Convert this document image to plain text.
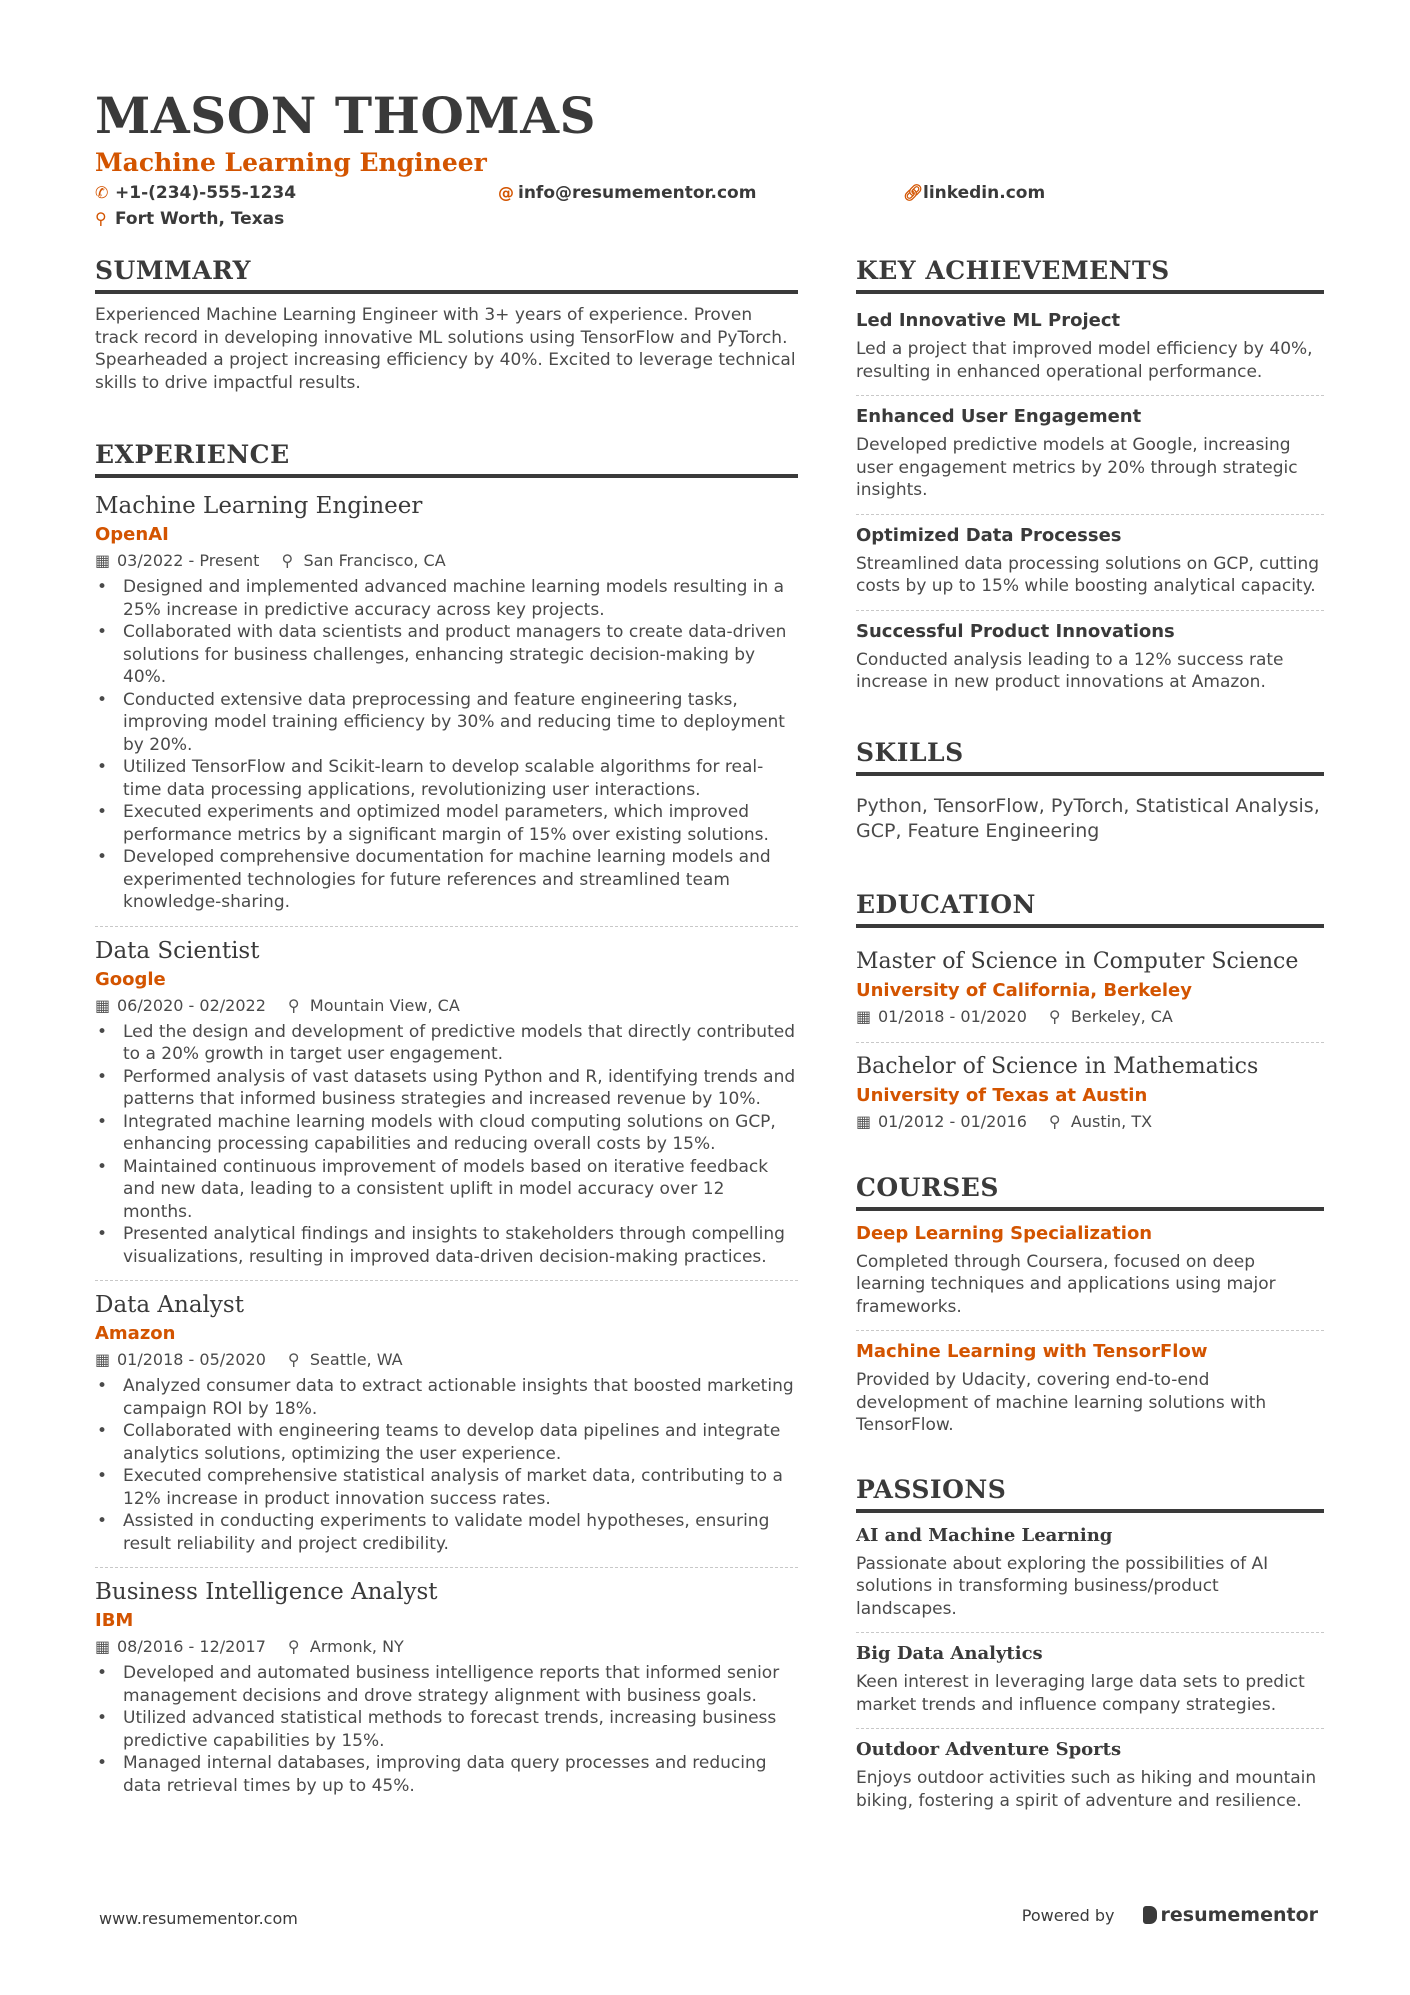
MASON THOMAS
Machine Learning Engineer
✆ +1-(234)-555-1234	@ info@resumementor.com	🔗︎linkedin.com
⚲ Fort Worth, Texas
SUMMARY
Experienced Machine Learning Engineer with 3+ years of experience. Proven track record in developing innovative ML solutions using TensorFlow and PyTorch. Spearheaded a project increasing efficiency by 40%. Excited to leverage technical skills to drive impactful results.
EXPERIENCE
Machine Learning Engineer
OpenAI
▦ 03/2022 - Present ⚲ San Francisco, CA
• Designed and implemented advanced machine learning models resulting in a 25% increase in predictive accuracy across key projects.
• Collaborated with data scientists and product managers to create data-driven solutions for business challenges, enhancing strategic decision-making by 40%.
• Conducted extensive data preprocessing and feature engineering tasks, improving model training efficiency by 30% and reducing time to deployment by 20%.
• Utilized TensorFlow and Scikit-learn to develop scalable algorithms for real-time data processing applications, revolutionizing user interactions.
• Executed experiments and optimized model parameters, which improved performance metrics by a significant margin of 15% over existing solutions.
• Developed comprehensive documentation for machine learning models and experimented technologies for future references and streamlined team knowledge-sharing.
Data Scientist
Google
▦ 06/2020 - 02/2022 ⚲ Mountain View, CA
• Led the design and development of predictive models that directly contributed to a 20% growth in target user engagement.
• Performed analysis of vast datasets using Python and R, identifying trends and patterns that informed business strategies and increased revenue by 10%.
• Integrated machine learning models with cloud computing solutions on GCP, enhancing processing capabilities and reducing overall costs by 15%.
• Maintained continuous improvement of models based on iterative feedback and new data, leading to a consistent uplift in model accuracy over 12 months.
• Presented analytical findings and insights to stakeholders through compelling visualizations, resulting in improved data-driven decision-making practices.
Data Analyst
Amazon
▦ 01/2018 - 05/2020 ⚲ Seattle, WA
• Analyzed consumer data to extract actionable insights that boosted marketing campaign ROI by 18%.
• Collaborated with engineering teams to develop data pipelines and integrate analytics solutions, optimizing the user experience.
• Executed comprehensive statistical analysis of market data, contributing to a 12% increase in product innovation success rates.
• Assisted in conducting experiments to validate model hypotheses, ensuring result reliability and project credibility.
Business Intelligence Analyst
IBM
▦ 08/2016 - 12/2017 ⚲ Armonk, NY
• Developed and automated business intelligence reports that informed senior management decisions and drove strategy alignment with business goals.
• Utilized advanced statistical methods to forecast trends, increasing business predictive capabilities by 15%.
• Managed internal databases, improving data query processes and reducing data retrieval times by up to 45%.
KEY ACHIEVEMENTS
Led Innovative ML Project
Led a project that improved model efficiency by 40%, resulting in enhanced operational performance.
Enhanced User Engagement
Developed predictive models at Google, increasing user engagement metrics by 20% through strategic insights.
Optimized Data Processes
Streamlined data processing solutions on GCP, cutting costs by up to 15% while boosting analytical capacity.
Successful Product Innovations
Conducted analysis leading to a 12% success rate increase in new product innovations at Amazon.
SKILLS
Python, TensorFlow, PyTorch, Statistical Analysis, GCP, Feature Engineering
EDUCATION
Master of Science in Computer Science
University of California, Berkeley
▦ 01/2018 - 01/2020 ⚲ Berkeley, CA
Bachelor of Science in Mathematics
University of Texas at Austin
▦ 01/2012 - 01/2016 ⚲ Austin, TX
COURSES
Deep Learning Specialization
Completed through Coursera, focused on deep learning techniques and applications using major frameworks.
Machine Learning with TensorFlow
Provided by Udacity, covering end-to-end development of machine learning solutions with TensorFlow.
PASSIONS
AI and Machine Learning
Passionate about exploring the possibilities of AI solutions in transforming business/product landscapes.
Big Data Analytics
Keen interest in leveraging large data sets to predict market trends and influence company strategies.
Outdoor Adventure Sports
Enjoys outdoor activities such as hiking and mountain biking, fostering a spirit of adventure and resilience.
www.resumementor.com	Powered by resumementor
